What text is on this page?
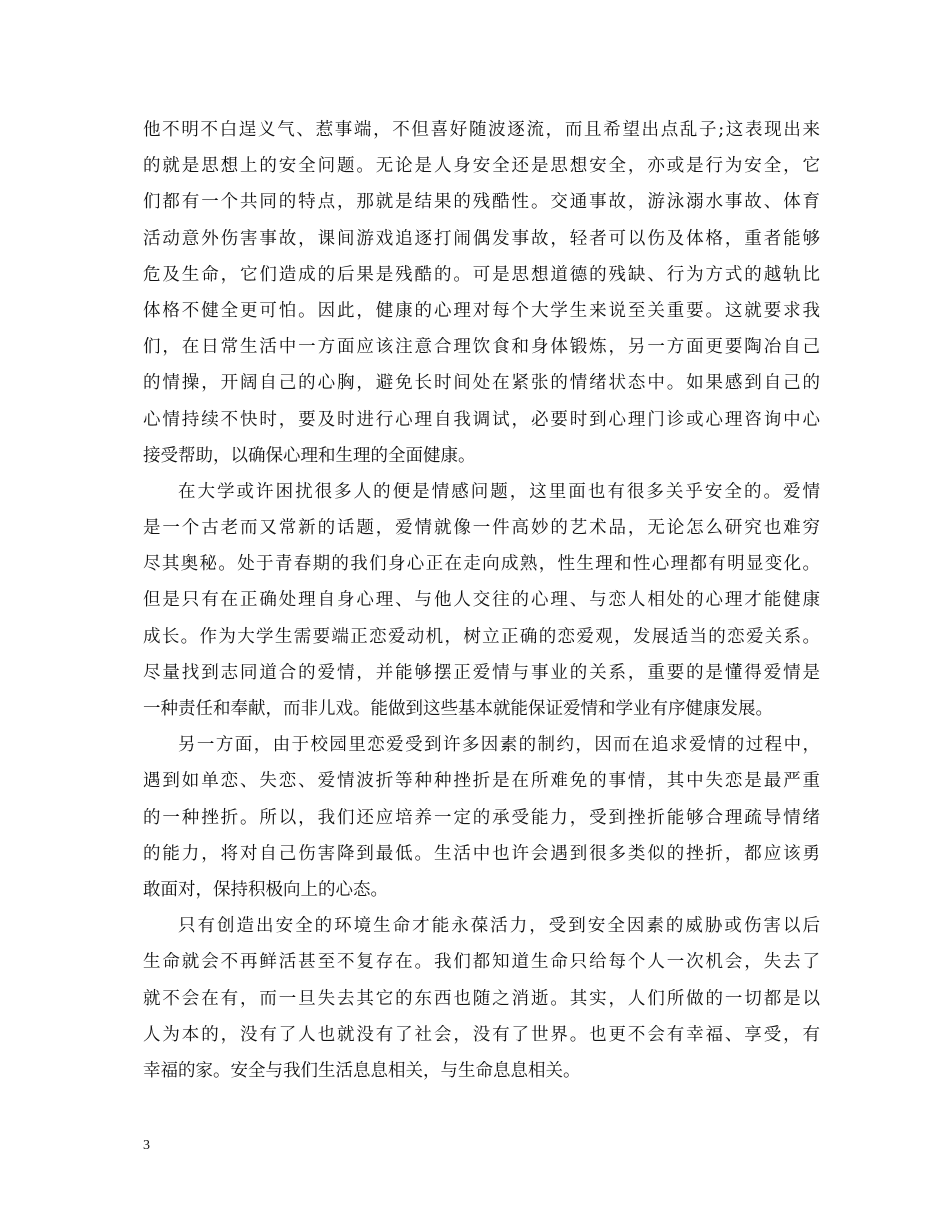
他不明不白逞义气、惹事端，不但喜好随波逐流，而且希望出点乱子;这表现出来
的就是思想上的安全问题。无论是人身安全还是思想安全，亦或是行为安全，它
们都有一个共同的特点，那就是结果的残酷性。交通事故，游泳溺水事故、体育
活动意外伤害事故，课间游戏追逐打闹偶发事故，轻者可以伤及体格，重者能够
危及生命，它们造成的后果是残酷的。可是思想道德的残缺、行为方式的越轨比
体格不健全更可怕。因此，健康的心理对每个大学生来说至关重要。这就要求我
们，在日常生活中一方面应该注意合理饮食和身体锻炼，另一方面更要陶冶自己
的情操，开阔自己的心胸，避免长时间处在紧张的情绪状态中。如果感到自己的
心情持续不快时，要及时进行心理自我调试，必要时到心理门诊或心理咨询中心
接受帮助，以确保心理和生理的全面健康。
在大学或许困扰很多人的便是情感问题，这里面也有很多关乎安全的。爱情
是一个古老而又常新的话题，爱情就像一件高妙的艺术品，无论怎么研究也难穷
尽其奥秘。处于青春期的我们身心正在走向成熟，性生理和性心理都有明显变化。
但是只有在正确处理自身心理、与他人交往的心理、与恋人相处的心理才能健康
成长。作为大学生需要端正恋爱动机，树立正确的恋爱观，发展适当的恋爱关系。
尽量找到志同道合的爱情，并能够摆正爱情与事业的关系，重要的是懂得爱情是
一种责任和奉献，而非儿戏。能做到这些基本就能保证爱情和学业有序健康发展。
另一方面，由于校园里恋爱受到许多因素的制约，因而在追求爱情的过程中，
遇到如单恋、失恋、爱情波折等种种挫折是在所难免的事情，其中失恋是最严重
的一种挫折。所以，我们还应培养一定的承受能力，受到挫折能够合理疏导情绪
的能力，将对自己伤害降到最低。生活中也许会遇到很多类似的挫折，都应该勇
敢面对，保持积极向上的心态。
只有创造出安全的环境生命才能永葆活力，受到安全因素的威胁或伤害以后
生命就会不再鲜活甚至不复存在。我们都知道生命只给每个人一次机会，失去了
就不会在有，而一旦失去其它的东西也随之消逝。其实，人们所做的一切都是以
人为本的，没有了人也就没有了社会，没有了世界。也更不会有幸福、享受，有
幸福的家。安全与我们生活息息相关，与生命息息相关。
3
